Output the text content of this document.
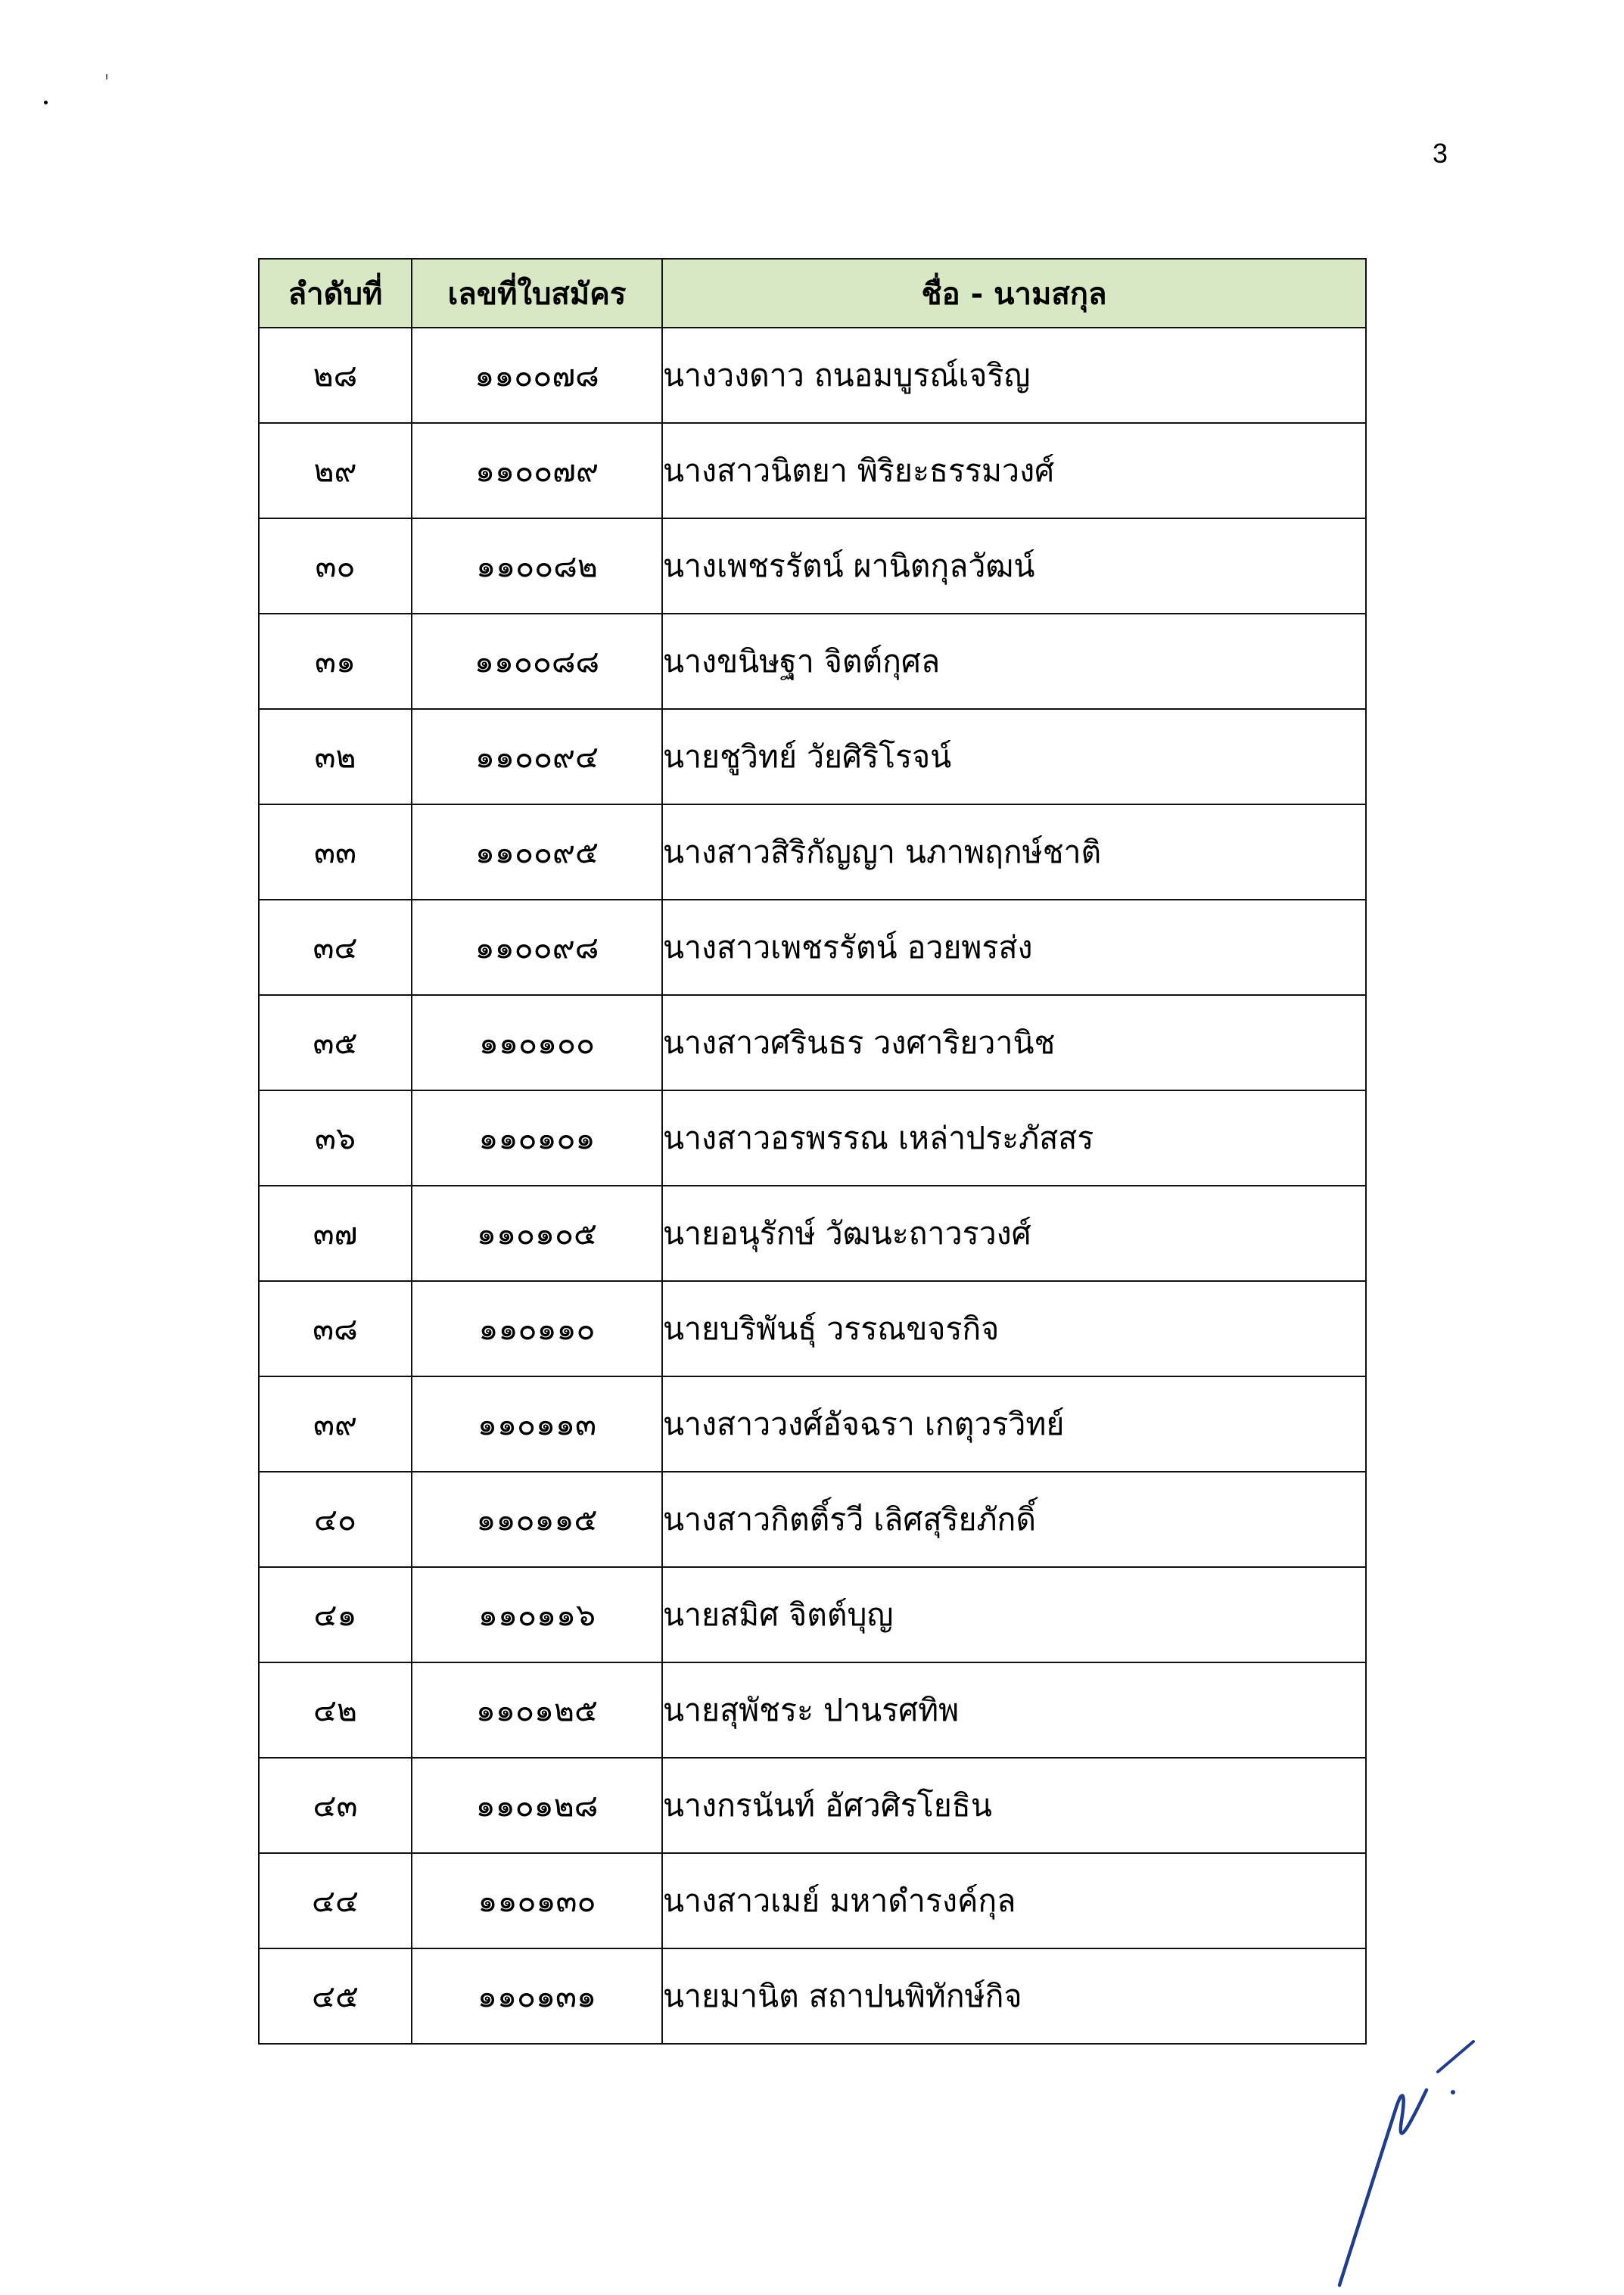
3
ลำดับที่	เลขที่ใบสมัคร	ชื่อ - นามสกุล
๒๘	๑๑๐๐๗๘	นางวงดาว ถนอมบูรณ์เจริญ
๒๙	๑๑๐๐๗๙	นางสาวนิตยา พิริยะธรรมวงศ์
๓๐	๑๑๐๐๘๒	นางเพชรรัตน์ ผานิตกุลวัฒน์
๓๑	๑๑๐๐๘๘	นางขนิษฐา จิตต์กุศล
๓๒	๑๑๐๐๙๔	นายชูวิทย์ วัยศิริโรจน์
๓๓	๑๑๐๐๙๕	นางสาวสิริกัญญา นภาพฤกษ์ชาติ
๓๔	๑๑๐๐๙๘	นางสาวเพชรรัตน์ อวยพรส่ง
๓๕	๑๑๐๑๐๐	นางสาวศรินธร วงศาริยวานิช
๓๖	๑๑๐๑๐๑	นางสาวอรพรรณ เหล่าประภัสสร
๓๗	๑๑๐๑๐๕	นายอนุรักษ์ วัฒนะถาวรวงศ์
๓๘	๑๑๐๑๑๐	นายบริพันธุ์ วรรณขจรกิจ
๓๙	๑๑๐๑๑๓	นางสาววงศ์อัจฉรา เกตุวรวิทย์
๔๐	๑๑๐๑๑๕	นางสาวกิตติ์รวี เลิศสุริยภักดิ์
๔๑	๑๑๐๑๑๖	นายสมิศ จิตต์บุญ
๔๒	๑๑๐๑๒๕	นายสุพัชระ ปานรศทิพ
๔๓	๑๑๐๑๒๘	นางกรนันท์ อัศวศิรโยธิน
๔๔	๑๑๐๑๓๐	นางสาวเมย์ มหาดำรงค์กุล
๔๕	๑๑๐๑๓๑	นายมานิต สถาปนพิทักษ์กิจ
